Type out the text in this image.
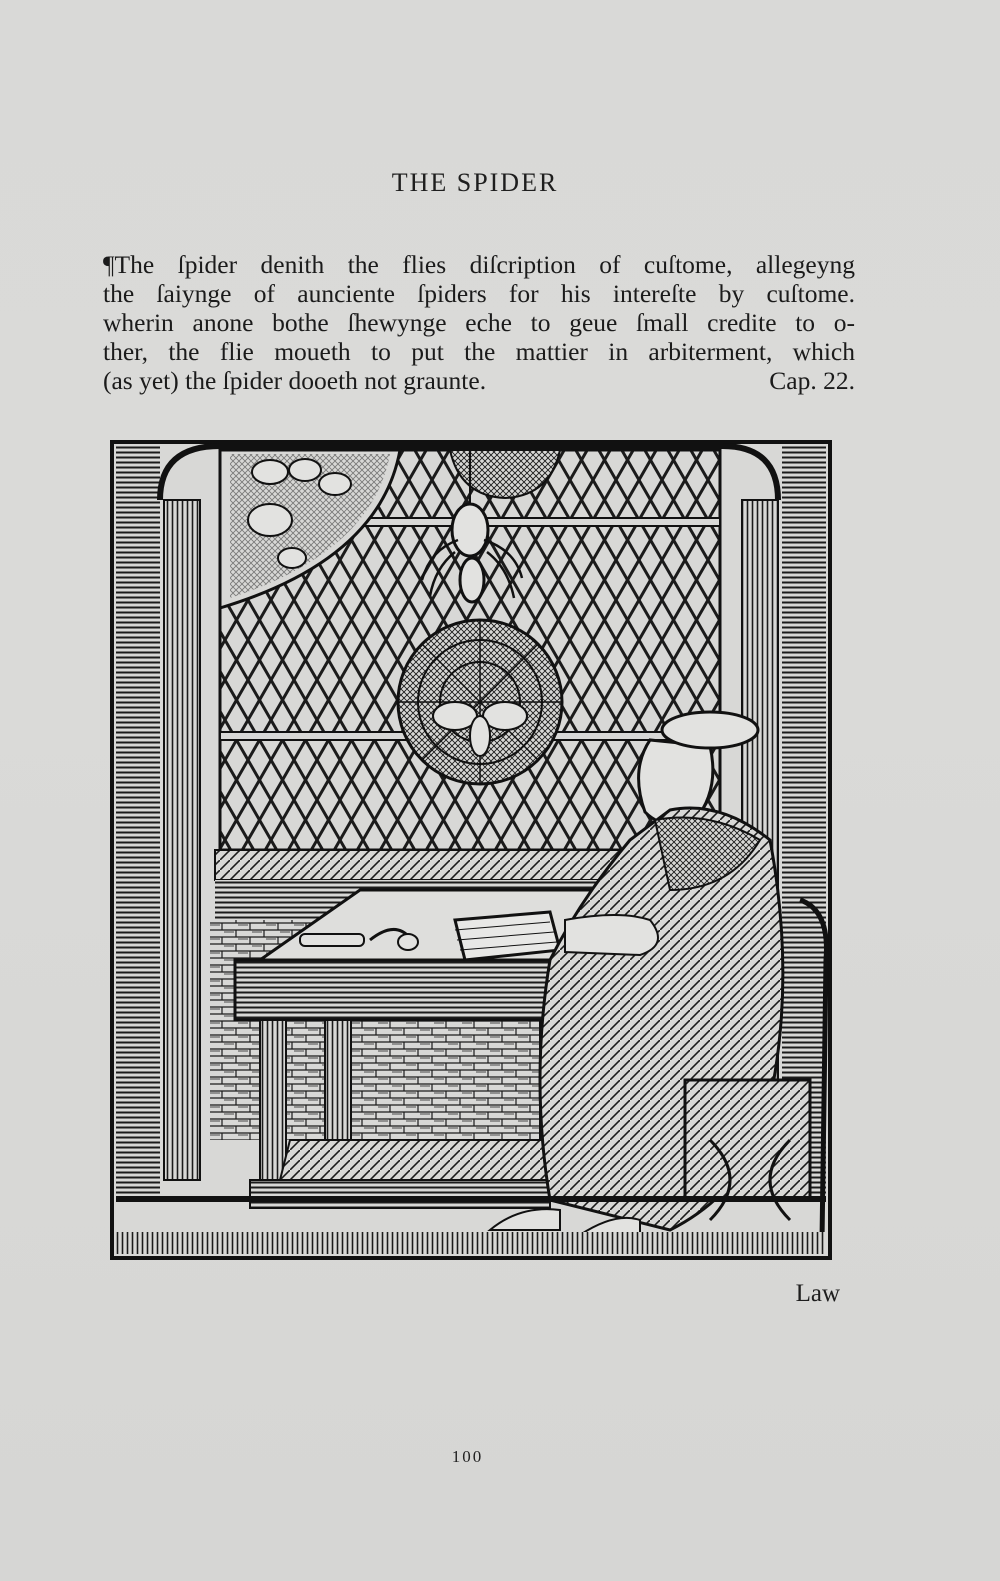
THE SPIDER
¶The ſpider denith the flies diſcription of cuſtome, allegeyng
the ſaiynge of aunciente ſpiders for his intereſte by cuſtome.
wherin anone bothe ſhewynge eche to geue ſmall credite to o-
ther, the flie moueth to put the mattier in arbiterment, which
(as yet) the ſpider dooeth not graunte.	Cap. 22.
Law
100
